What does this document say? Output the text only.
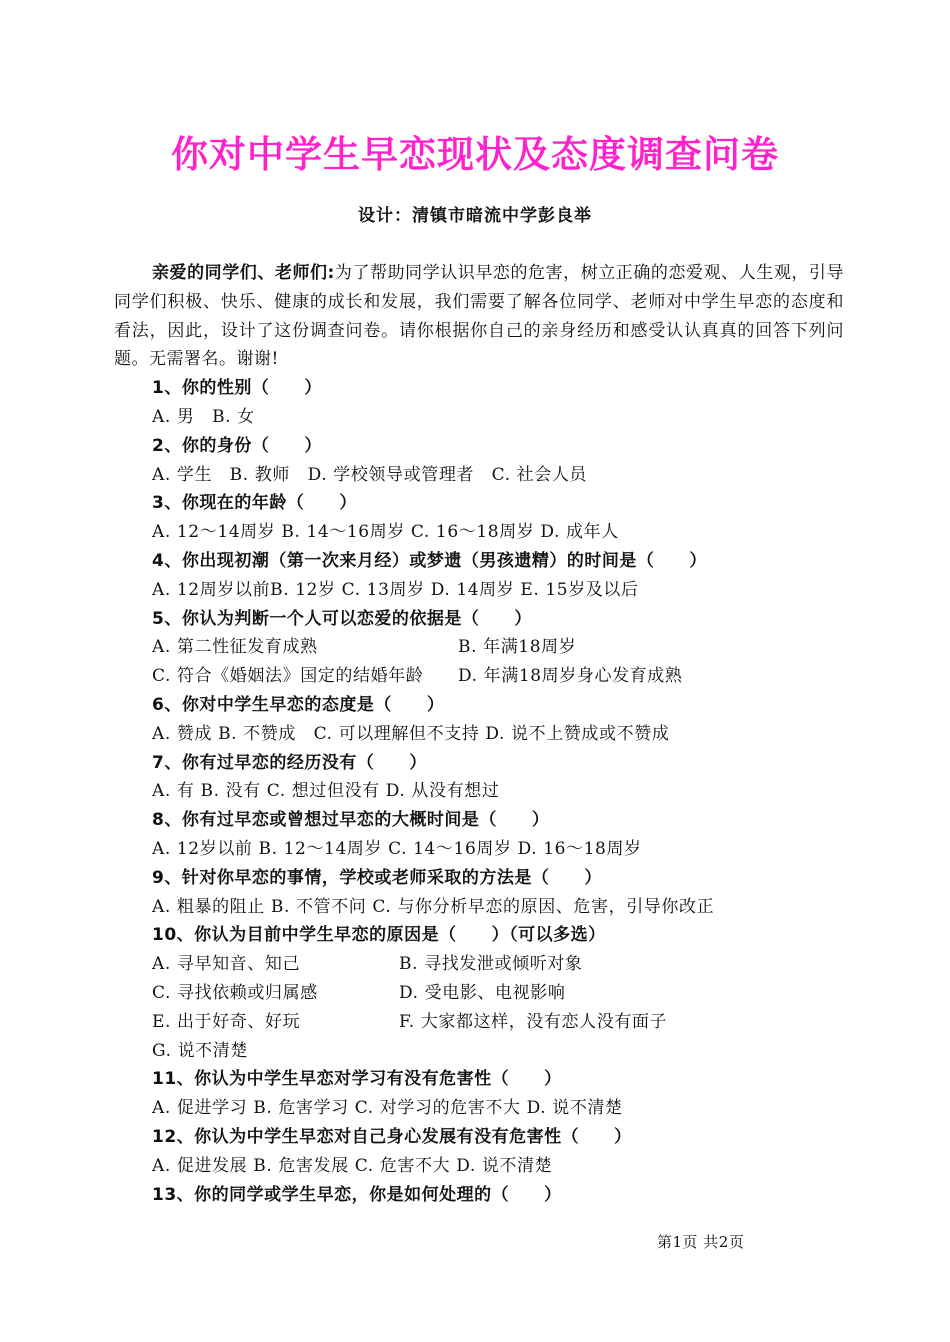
你对中学生早恋现状及态度调查问卷
设计：清镇市暗流中学彭良举

亲爱的同学们、老师们:为了帮助同学认识早恋的危害，树立正确的恋爱观、人生观，引导同学们积极、快乐、健康的成长和发展，我们需要了解各位同学、老师对中学生早恋的态度和看法，因此，设计了这份调查问卷。请你根据你自己的亲身经历和感受认认真真的回答下列问题。无需署名。谢谢!

1、你的性别（　　）
A. 男　B. 女
2、你的身份（　　）
A. 学生　B. 教师　D. 学校领导或管理者　C. 社会人员
3、你现在的年龄（　　）
A. 12～14周岁 B. 14～16周岁 C. 16～18周岁 D. 成年人
4、你出现初潮（第一次来月经）或梦遗（男孩遗精）的时间是（　　）
A. 12周岁以前B. 12岁 C. 13周岁 D. 14周岁 E. 15岁及以后
5、你认为判断一个人可以恋爱的依据是（　　）
A. 第二性征发育成熟	B. 年满18周岁
C. 符合《婚姻法》国定的结婚年龄	D. 年满18周岁身心发育成熟
6、你对中学生早恋的态度是（　　）
A. 赞成 B. 不赞成　C. 可以理解但不支持 D. 说不上赞成或不赞成
7、你有过早恋的经历没有（　　）
A. 有 B. 没有 C. 想过但没有 D. 从没有想过
8、你有过早恋或曾想过早恋的大概时间是（　　）
A. 12岁以前 B. 12～14周岁 C. 14～16周岁 D. 16～18周岁
9、针对你早恋的事情，学校或老师采取的方法是（　　）
A. 粗暴的阻止 B. 不管不问 C. 与你分析早恋的原因、危害，引导你改正
10、你认为目前中学生早恋的原因是（　　）（可以多选）
A. 寻早知音、知己	B. 寻找发泄或倾听对象
C. 寻找依赖或归属感	D. 受电影、电视影响
E. 出于好奇、好玩	F. 大家都这样，没有恋人没有面子
G. 说不清楚
11、你认为中学生早恋对学习有没有危害性（　　）
A. 促进学习 B. 危害学习 C. 对学习的危害不大 D. 说不清楚
12、你认为中学生早恋对自己身心发展有没有危害性（　　）
A. 促进发展 B. 危害发展 C. 危害不大 D. 说不清楚
13、你的同学或学生早恋，你是如何处理的（　　）
第1页 共2页
